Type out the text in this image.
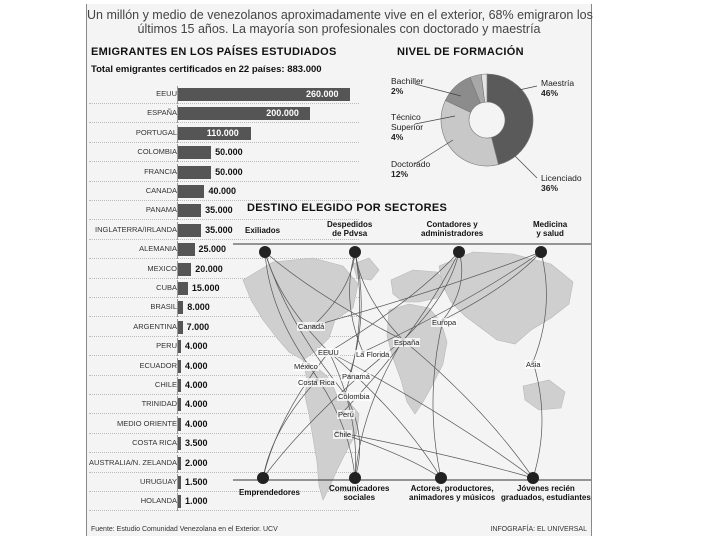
Un millón y medio de venezolanos aproximadamente vive en el exterior, 68% emigraron los
últimos 15 años. La mayoría son profesionales con doctorado y maestría
EMIGRANTES EN LOS PAÍSES ESTUDIADOS
Total emigrantes certificados en 22 países: 883.000
EEUU	260.000
ESPAÑA	200.000
PORTUGAL	110.000
COLOMBIA	50.000
FRANCIA	50.000
CANADA	40.000
PANAMA	35.000
INGLATERRA/IRLANDA	35.000
ALEMANIA 25.000
MEXICO 20.000
CUBA 15.000
BRASIL 8.000
ARGENTINA 7.000
PERU 4.000
ECUADOR 4.000
CHILE 4.000
TRINIDAD 4.000
MEDIO ORIENTE 4.000
COSTA RICA 3.500
AUSTRALIA/N. ZELANDA 2.000
URUGUAY 1.500
HOLANDA 1.000
NIVEL DE FORMACIÓN
Bachiller
2%
Técnico
Superior
4%
Doctorado
12%
Maestría
46%
Licenciado
36%
DESTINO ELEGIDO POR SECTORES
Exiliados
Despedidos
de Pdvsa
Contadores y
administradores
Medicina
y salud
Emprendedores	Comunicadores
sociales
Actores, productores,
animadores y músicos
Jóvenes recién
graduados, estudiantes
Canadá
EEUU La Florida
México
Costa Rica
Panamá
Colombia
Perú
Chile
España
Europa
Asia
Fuente: Estudio Comunidad Venezolana en el Exterior. UCV	INFOGRAFÍA: EL UNIVERSAL
